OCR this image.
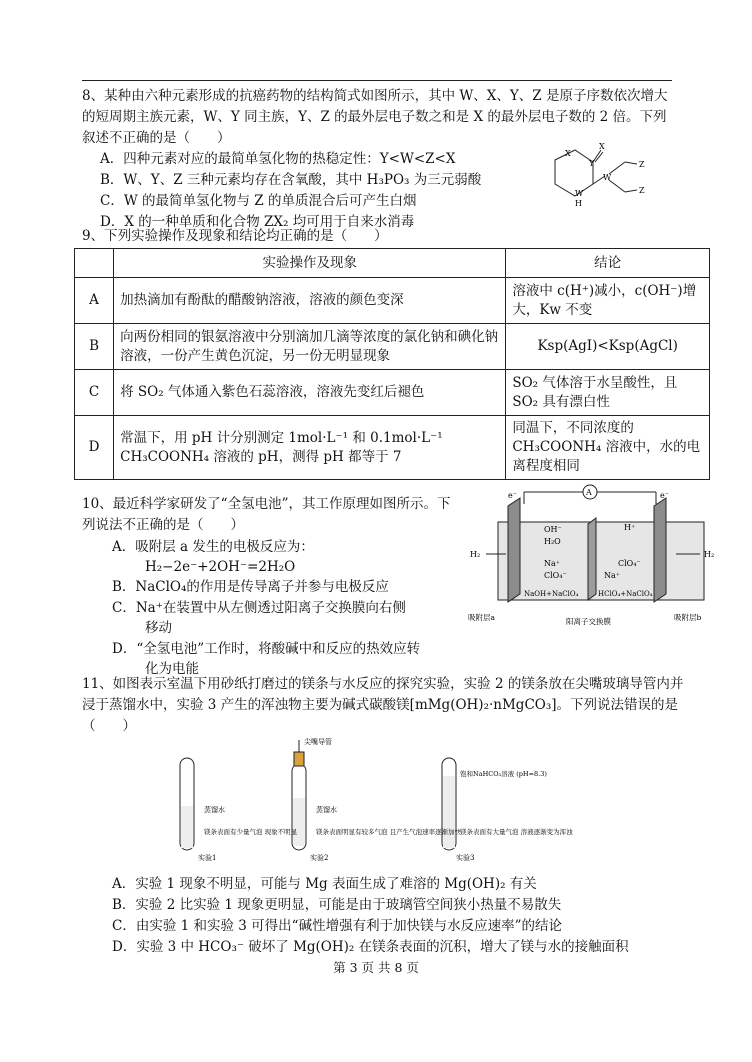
8、某种由六种元素形成的抗癌药物的结构简式如图所示，其中 W、X、Y、Z 是原子序数依次增大的短周期主族元素，W、Y 同主族，Y、Z 的最外层电子数之和是 X 的最外层电子数的 2 倍。下列叙述不正确的是（　　）
A．四种元素对应的最简单氢化物的热稳定性：Y<W<Z<X
B．W、Y、Z 三种元素均存在含氧酸，其中 H₃PO₃ 为三元弱酸
C．W 的最简单氢化物与 Z 的单质混合后可产生白烟
D．X 的一种单质和化合物 ZX₂ 均可用于自来水消毒
X
X
Y
W
W
H
Z
Z
9、下列实验操作及现象和结论均正确的是（　　）
	实验操作及现象	结论
A	加热滴加有酚酞的醋酸钠溶液，溶液的颜色变深	溶液中 c(H⁺)减小，c(OH⁻)增大，Kw 不变
B	向两份相同的银氨溶液中分别滴加几滴等浓度的氯化钠和碘化钠溶液，一份产生黄色沉淀，另一份无明显现象	Ksp(AgI)<Ksp(AgCl)
C	将 SO₂ 气体通入紫色石蕊溶液，溶液先变红后褪色	SO₂ 气体溶于水呈酸性，且 SO₂ 具有漂白性
D	常温下，用 pH 计分别测定 1mol·L⁻¹ 和 0.1mol·L⁻¹ CH₃COONH₄ 溶液的 pH，测得 pH 都等于 7	同温下，不同浓度的 CH₃COONH₄ 溶液中，水的电离程度相同
10、最近科学家研发了“全氢电池”，其工作原理如图所示。下列说法不正确的是（　　）
A．吸附层 a 发生的电极反应为：
H₂−2e⁻+2OH⁻=2H₂O
B．NaClO₄的作用是传导离子并参与电极反应
C．Na⁺在装置中从左侧透过阳离子交换膜向右侧
移动
D．“全氢电池”工作时，将酸碱中和反应的热效应转
化为电能
e⁻	e⁻
A
H₂	H₂
OH⁻
H₂O
Na⁺
ClO₄⁻
H⁺
ClO₄⁻
Na⁺
NaOH+NaClO₄	HClO₄+NaClO₄
吸附层a	阳离子交换膜	吸附层b
11、如图表示室温下用砂纸打磨过的镁条与水反应的探究实验，实验 2 的镁条放在尖嘴玻璃导管内并浸于蒸馏水中，实验 3 产生的浑浊物主要为碱式碳酸镁[mMg(OH)₂·nMgCO₃]。下列说法错误的是（　　）
蒸馏水
镁条表面有少量气泡 现象不明显
实验1
尖嘴导管
蒸馏水
镁条表面明显有较多气泡 且产生气泡速率逐渐加快
实验2
饱和NaHCO₃溶液 (pH=8.3)
镁条表面有大量气泡 溶液逐渐变为浑浊
实验3
A．实验 1 现象不明显，可能与 Mg 表面生成了难溶的 Mg(OH)₂ 有关
B．实验 2 比实验 1 现象更明显，可能是由于玻璃管空间狭小热量不易散失
C．由实验 1 和实验 3 可得出“碱性增强有利于加快镁与水反应速率”的结论
D．实验 3 中 HCO₃⁻ 破坏了 Mg(OH)₂ 在镁条表面的沉积，增大了镁与水的接触面积
第 3 页 共 8 页
